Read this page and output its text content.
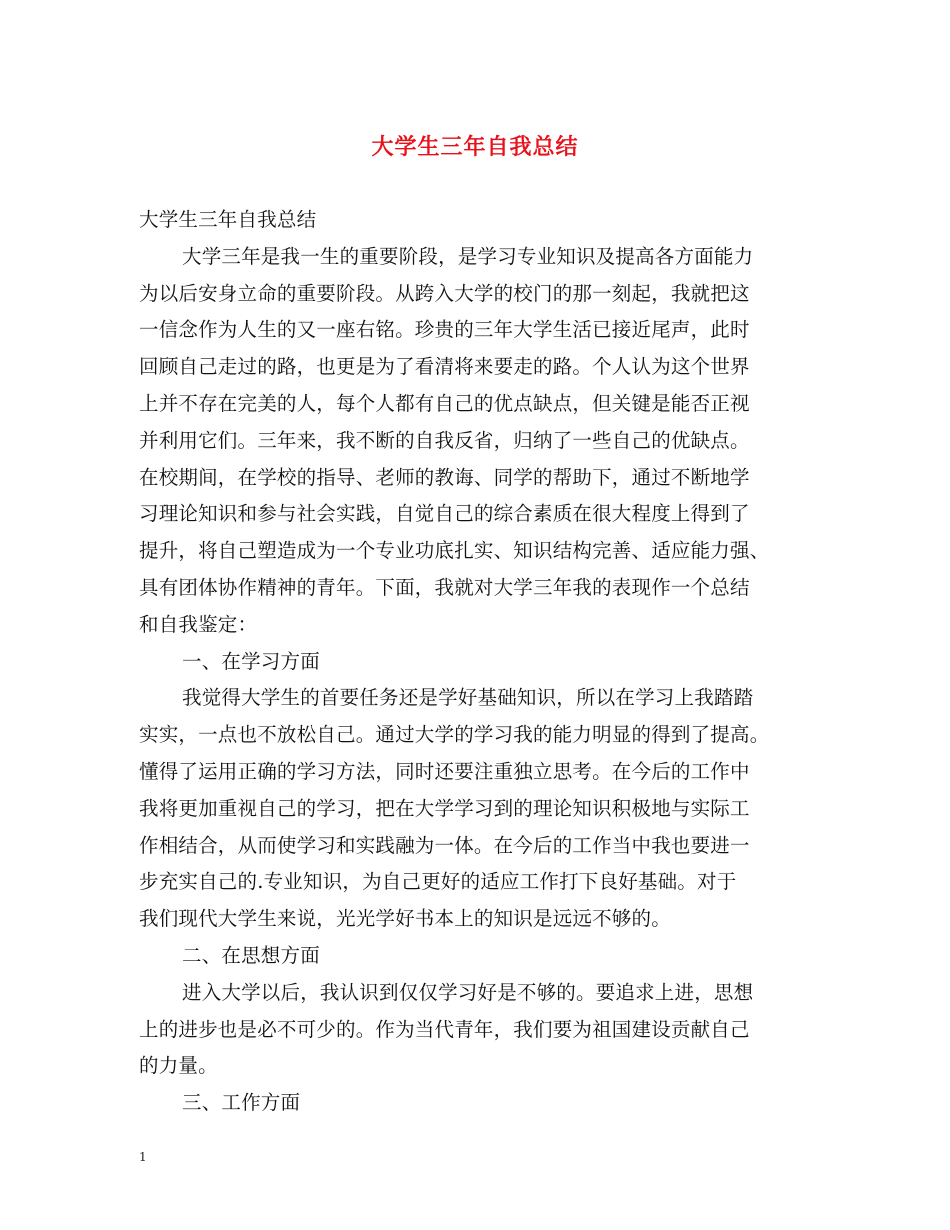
大学生三年自我总结
大学生三年自我总结
大学三年是我一生的重要阶段，是学习专业知识及提高各方面能力
为以后安身立命的重要阶段。从跨入大学的校门的那一刻起，我就把这
一信念作为人生的又一座右铭。珍贵的三年大学生活已接近尾声，此时
回顾自己走过的路，也更是为了看清将来要走的路。个人认为这个世界
上并不存在完美的人，每个人都有自己的优点缺点，但关键是能否正视
并利用它们。三年来，我不断的自我反省，归纳了一些自己的优缺点。
在校期间，在学校的指导、老师的教诲、同学的帮助下，通过不断地学
习理论知识和参与社会实践，自觉自己的综合素质在很大程度上得到了
提升，将自己塑造成为一个专业功底扎实、知识结构完善、适应能力强、
具有团体协作精神的青年。下面，我就对大学三年我的表现作一个总结
和自我鉴定：
一、在学习方面
我觉得大学生的首要任务还是学好基础知识，所以在学习上我踏踏
实实，一点也不放松自己。通过大学的学习我的能力明显的得到了提高。
懂得了运用正确的学习方法，同时还要注重独立思考。在今后的工作中
我将更加重视自己的学习，把在大学学习到的理论知识积极地与实际工
作相结合，从而使学习和实践融为一体。在今后的工作当中我也要进一
步充实自己的.专业知识，为自己更好的适应工作打下良好基础。对于
我们现代大学生来说，光光学好书本上的知识是远远不够的。
二、在思想方面
进入大学以后，我认识到仅仅学习好是不够的。要追求上进，思想
上的进步也是必不可少的。作为当代青年，我们要为祖国建设贡献自己
的力量。
三、工作方面
1
